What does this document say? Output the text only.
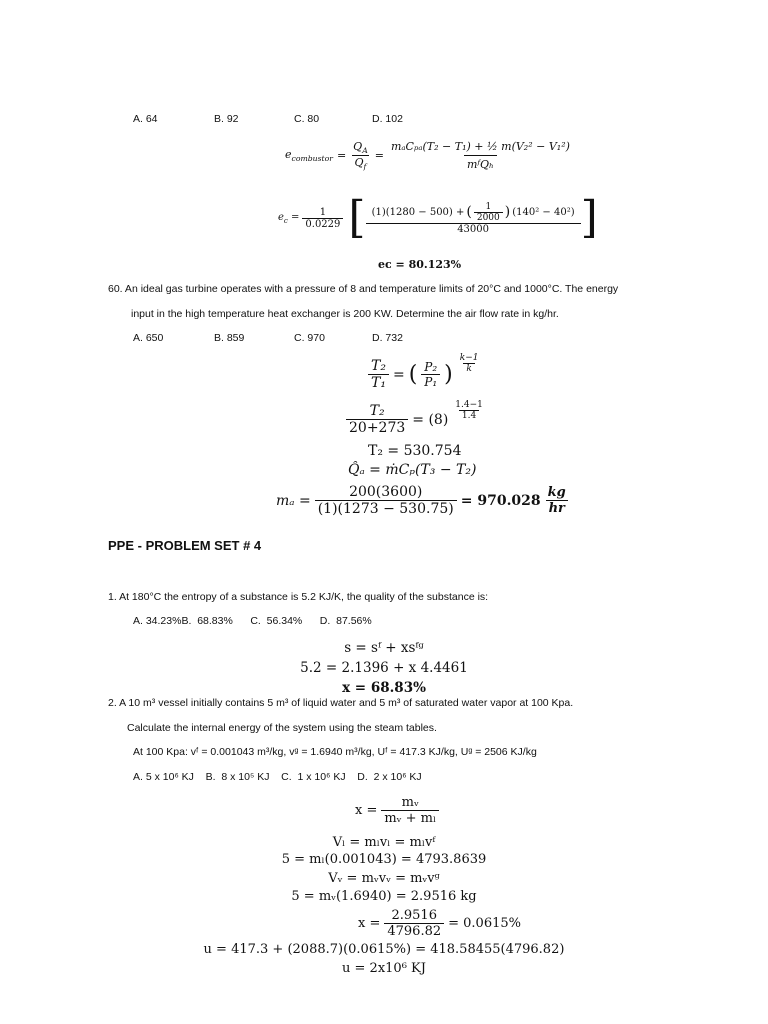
A. 64	B. 92	C. 80	D. 102
$e_{combustor} = \frac{Q_A}{Q_f} = \frac{\text{mₐCₚₐ(T₂ − T₁) + ½ m(V₂² − V₁²)}}{\text{mᶠQₕ}}$
$e_c = \frac{1}{0.0229}$ [ (1)(1280 − 500) + ( $\frac{1}{2000}$ ) (140² − 40²)
43000	]
eᴄ = 80.123%
60. An ideal gas turbine operates with a pressure of 8 and temperature limits of 20°C and 1000°C. The energy
input in the high temperature heat exchanger is 200 KW. Determine the air flow rate in kg/hr.
A. 650	B. 859	C. 970	D. 732
$\frac{\text{T₂}}{\text{T₁}}$ = ( $\frac{\text{P₂}}{\text{P₁}}$ ) $\frac{k-1}{k}$
$\frac{\text{T₂}}{20+273} = (8) \frac{1.4-1}{1.4}$
T₂ = 530.754
Q̂ₐ = ṁCₚ(T₃ − T₂)
$m_a = \frac{200(3600)}{(1)(1273 - 530.75)} = 970.028 \frac{kg}{hr}$
PPE - PROBLEM SET # 4
1. At 180°C the entropy of a substance is 5.2 KJ/K, the quality of the substance is:
A. 34.23%B.  68.83%      C.  56.34%      D.  87.56%
s = sᶠ + xsᶠᵍ
5.2 = 2.1396 + x 4.4461
x = 68.83%
2. A 10 m³ vessel initially contains 5 m³ of liquid water and 5 m³ of saturated water vapor at 100 Kpa.
Calculate the internal energy of the system using the steam tables.
At 100 Kpa: vᶠ = 0.001043 m³/kg, vᵍ = 1.6940 m³/kg, Uᶠ = 417.3 KJ/kg, Uᵍ = 2506 KJ/kg
A. 5 x 10⁶ KJ    B.  8 x 10⁵ KJ    C.  1 x 10⁶ KJ    D.  2 x 10⁶ KJ
$x = \frac{\text{mᵥ}}{\text{mᵥ + mₗ}}$
Vₗ = mₗvₗ = mₗvᶠ
5 = mₗ(0.001043) = 4793.8639
Vᵥ = mᵥvᵥ = mᵥvᵍ
5 = mᵥ(1.6940) = 2.9516 kg
$x = \frac{2.9516}{4796.82} = 0.0615\%$
u = 417.3 + (2088.7)(0.0615%) = 418.58455(4796.82)
u = 2x10⁶ KJ
